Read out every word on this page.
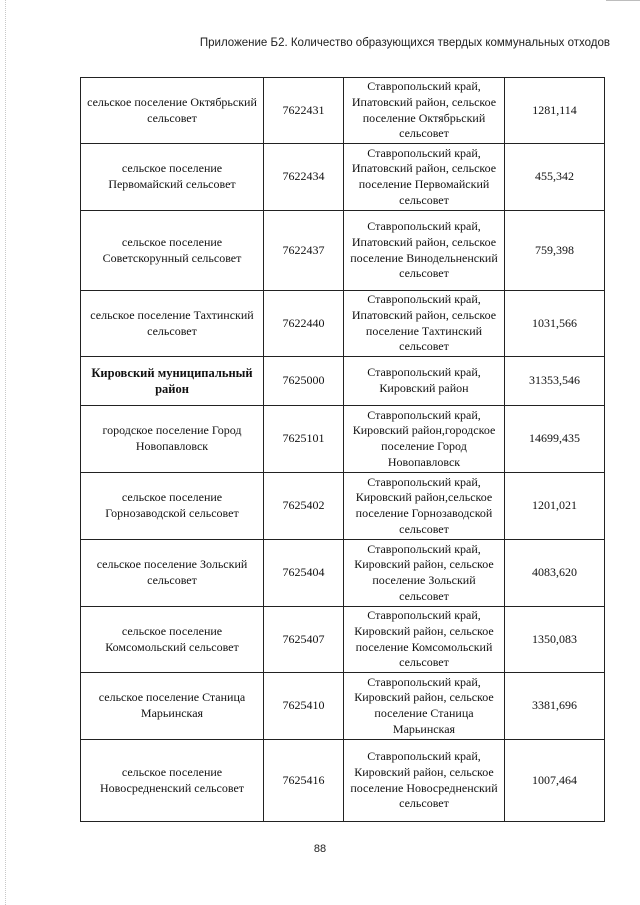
Приложение Б2. Количество образующихся твердых коммунальных отходов
сельское поселение Октябрьский сельсовет	7622431	Ставропольский край, Ипатовский район, сельское поселение Октябрьский сельсовет	1281,114
сельское поселение Первомайский сельсовет	7622434	Ставропольский край, Ипатовский район, сельское поселение Первомайский сельсовет	455,342
сельское поселение Советскорунный сельсовет	7622437	Ставропольский край, Ипатовский район, сельское поселение Винодельненский сельсовет	759,398
сельское поселение Тахтинский сельсовет	7622440	Ставропольский край, Ипатовский район, сельское поселение Тахтинский сельсовет	1031,566
Кировский муниципальный район	7625000	Ставропольский край, Кировский район	31353,546
городское поселение Город Новопавловск	7625101	Ставропольский край, Кировский район,городское поселение Город Новопавловск	14699,435
сельское поселение Горнозаводской сельсовет	7625402	Ставропольский край, Кировский район,сельское поселение Горнозаводской сельсовет	1201,021
сельское поселение Зольский сельсовет	7625404	Ставропольский край, Кировский район, сельское поселение Зольский сельсовет	4083,620
сельское поселение Комсомольский сельсовет	7625407	Ставропольский край, Кировский район, сельское поселение Комсомольский сельсовет	1350,083
сельское поселение Станица Марьинская	7625410	Ставропольский край, Кировский район, сельское поселение Станица Марьинская	3381,696
сельское поселение Новосредненский сельсовет	7625416	Ставропольский край, Кировский район, сельское поселение Новосредненский сельсовет	1007,464
88
